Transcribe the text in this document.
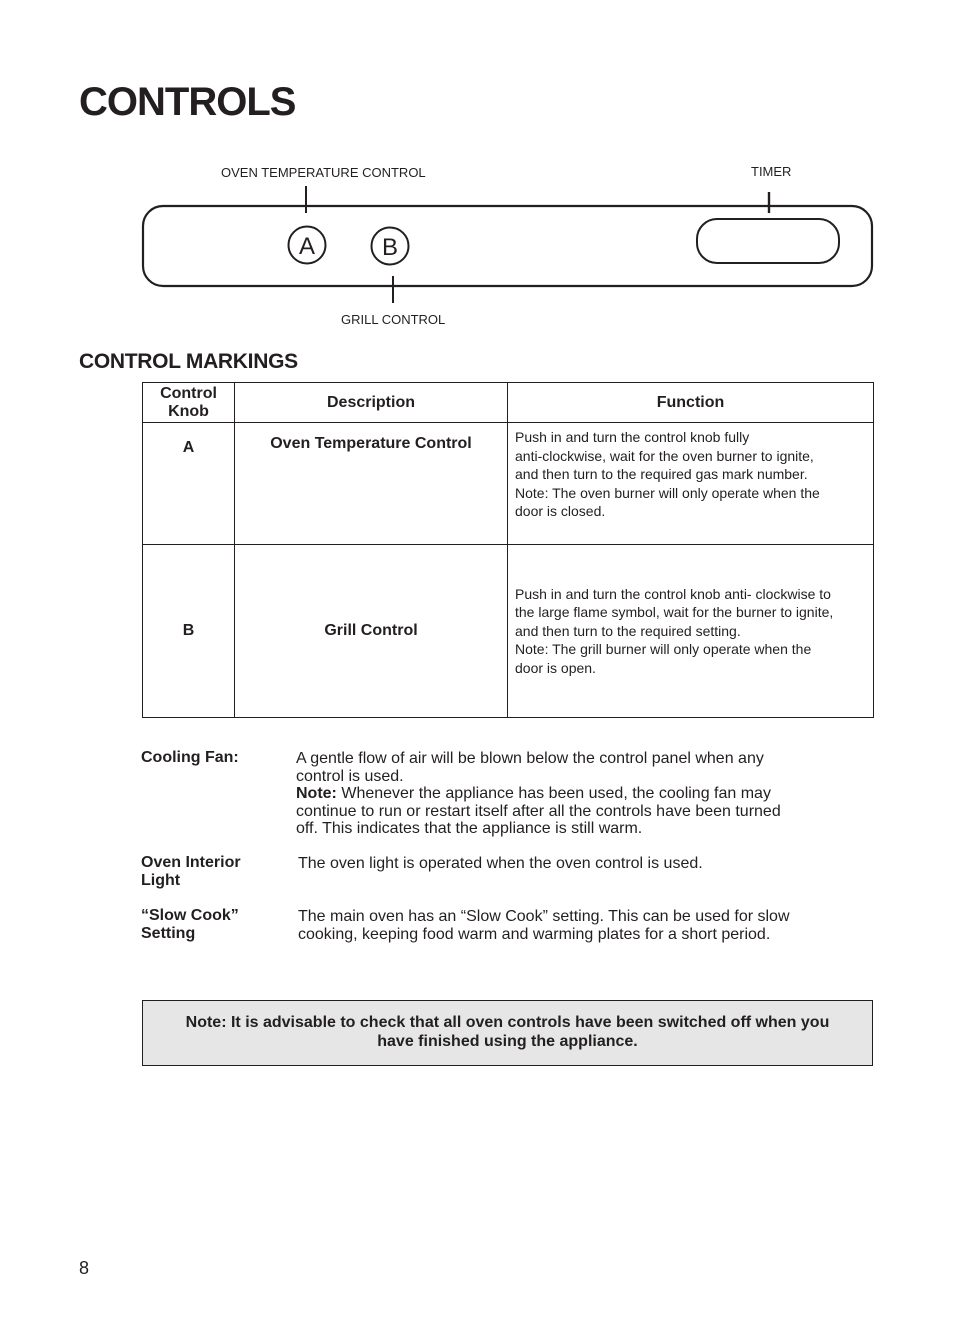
CONTROLS
OVEN TEMPERATURE CONTROL	TIMER
GRILL CONTROL
A	B
CONTROL MARKINGS
Control
Knob	Description	Function
A	Oven Temperature Control	Push in and turn the control knob fully
anti-clockwise, wait for the oven burner to ignite,
and then turn to the required gas mark number.
Note: The oven burner will only operate when the
door is closed.

B	Grill Control	Push in and turn the control knob anti- clockwise to
the large flame symbol, wait for the burner to ignite,
and then turn to the required setting.
Note: The grill burner will only operate when the
door is open.
Cooling Fan:	A gentle flow of air will be blown below the control panel when any
control is used.
Note: Whenever the appliance has been used, the cooling fan may
continue to run or restart itself after all the controls have been turned
off. This indicates that the appliance is still warm.
Oven Interior
Light
The oven light is operated when the oven control is used.
“Slow Cook”
Setting
The main oven has an “Slow Cook” setting. This can be used for slow
cooking, keeping food warm and warming plates for a short period.
Note: It is advisable to check that all oven controls have been switched off when you
have finished using the appliance.
8
